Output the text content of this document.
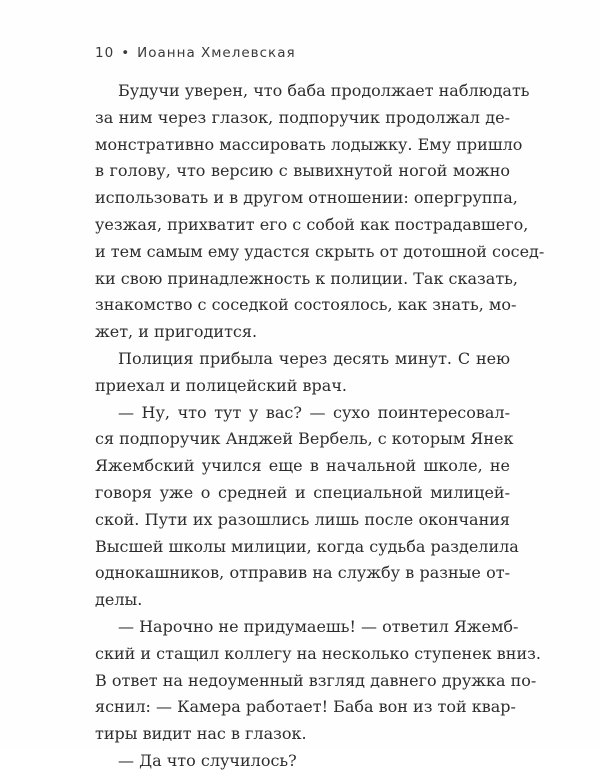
10 • Иоанна Хмелевская
Будучи уверен, что баба продолжает наблюдать
за ним через глазок, подпоручик продолжал де-
монстративно массировать лодыжку. Ему пришло
в голову, что версию с вывихнутой ногой можно
использовать и в другом отношении: опергруппа,
уезжая, прихватит его с собой как пострадавшего,
и тем самым ему удастся скрыть от дотошной сосед-
ки свою принадлежность к полиции. Так сказать,
знакомство с соседкой состоялось, как знать, мо-
жет, и пригодится.
Полиция прибыла через десять минут. С нею
приехал и полицейский врач.
— Ну, что тут у вас? — сухо поинтересовал-
ся подпоручик Анджей Вербель, с которым Янек
Яжембский учился еще в начальной школе, не
говоря уже о средней и специальной милицей-
ской. Пути их разошлись лишь после окончания
Высшей школы милиции, когда судьба разделила
однокашников, отправив на службу в разные от-
делы.
— Нарочно не придумаешь! — ответил Яжемб-
ский и стащил коллегу на несколько ступенек вниз.
В ответ на недоуменный взгляд давнего дружка по-
яснил: — Камера работает! Баба вон из той квар-
тиры видит нас в глазок.
— Да что случилось?
